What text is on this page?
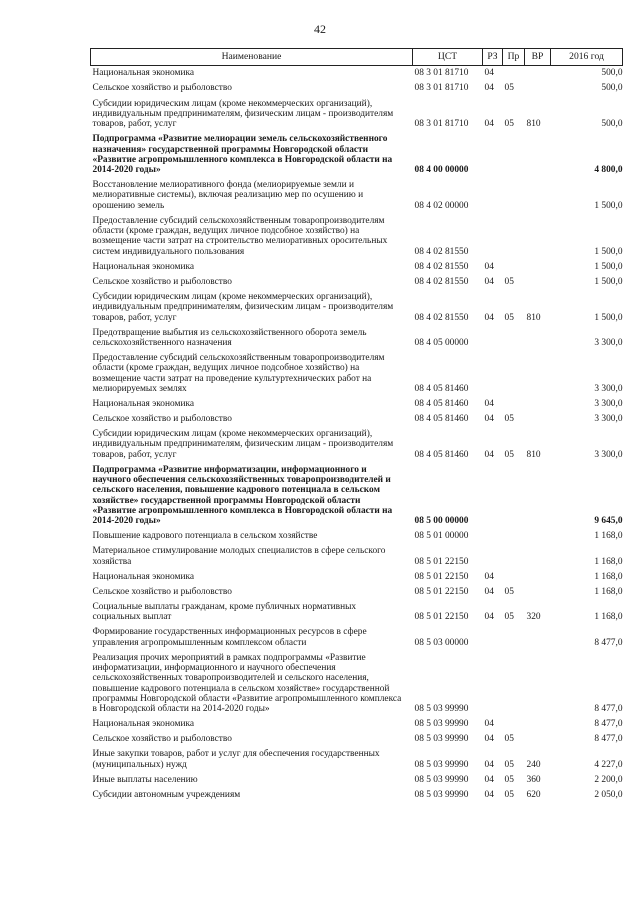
42
Наименование	ЦСТ	РЗ	Пр	ВР	2016 год
Национальная экономика	08 3 01 81710	04			500,0
Сельское хозяйство и рыболовство	08 3 01 81710	04	05		500,0
Субсидии юридическим лицам (кроме некоммерческих организаций), индивидуальным предпринимателям, физическим лицам - производителям товаров, работ, услуг	08 3 01 81710	04	05	810	500,0
Подпрограмма «Развитие мелиорации земель сельскохозяйственного назначения» государственной программы Новгородской области «Развитие агропромышленного комплекса в Новгородской области на 2014-2020 годы»	08 4 00 00000				4 800,0
Восстановление мелиоративного фонда (мелиорируемые земли и мелиоративные системы), включая реализацию мер по осушению и орошению земель	08 4 02 00000				1 500,0
Предоставление субсидий сельскохозяйственным товаропроизводителям области (кроме граждан, ведущих личное подсобное хозяйство) на возмещение части затрат на строительство мелиоративных оросительных систем индивидуального пользования	08 4 02 81550				1 500,0
Национальная экономика	08 4 02 81550	04			1 500,0
Сельское хозяйство и рыболовство	08 4 02 81550	04	05		1 500,0
Субсидии юридическим лицам (кроме некоммерческих организаций), индивидуальным предпринимателям, физическим лицам - производителям товаров, работ, услуг	08 4 02 81550	04	05	810	1 500,0
Предотвращение выбытия из сельскохозяйственного оборота земель сельскохозяйственного назначения	08 4 05 00000				3 300,0
Предоставление субсидий сельскохозяйственным товаропроизводителям области (кроме граждан, ведущих личное подсобное хозяйство) на возмещение части затрат на проведение культуртехнических работ на мелиорируемых землях	08 4 05 81460				3 300,0
Национальная экономика	08 4 05 81460	04			3 300,0
Сельское хозяйство и рыболовство	08 4 05 81460	04	05		3 300,0
Субсидии юридическим лицам (кроме некоммерческих организаций), индивидуальным предпринимателям, физическим лицам - производителям товаров, работ, услуг	08 4 05 81460	04	05	810	3 300,0
Подпрограмма «Развитие информатизации, информационного и научного обеспечения сельскохозяйственных товаропроизводителей и сельского населения, повышение кадрового потенциала в сельском хозяйстве» государственной программы Новгородской области «Развитие агропромышленного комплекса в Новгородской области на 2014-2020 годы»	08 5 00 00000				9 645,0
Повышение кадрового потенциала в сельском хозяйстве	08 5 01 00000				1 168,0
Материальное стимулирование молодых специалистов в сфере сельского хозяйства	08 5 01 22150				1 168,0
Национальная экономика	08 5 01 22150	04			1 168,0
Сельское хозяйство и рыболовство	08 5 01 22150	04	05		1 168,0
Социальные выплаты гражданам, кроме публичных нормативных социальных выплат	08 5 01 22150	04	05	320	1 168,0
Формирование государственных информационных ресурсов в сфере управления агропромышленным комплексом области	08 5 03 00000				8 477,0
Реализация прочих мероприятий в рамках подпрограммы «Развитие информатизации, информационного и научного обеспечения сельскохозяйственных товаропроизводителей и сельского населения, повышение кадрового потенциала в сельском хозяйстве» государственной программы Новгородской области «Развитие агропромышленного комплекса в Новгородской области на 2014-2020 годы»	08 5 03 99990				8 477,0
Национальная экономика	08 5 03 99990	04			8 477,0
Сельское хозяйство и рыболовство	08 5 03 99990	04	05		8 477,0
Иные закупки товаров, работ и услуг для обеспечения государственных (муниципальных) нужд	08 5 03 99990	04	05	240	4 227,0
Иные выплаты населению	08 5 03 99990	04	05	360	2 200,0
Субсидии автономным учреждениям	08 5 03 99990	04	05	620	2 050,0
